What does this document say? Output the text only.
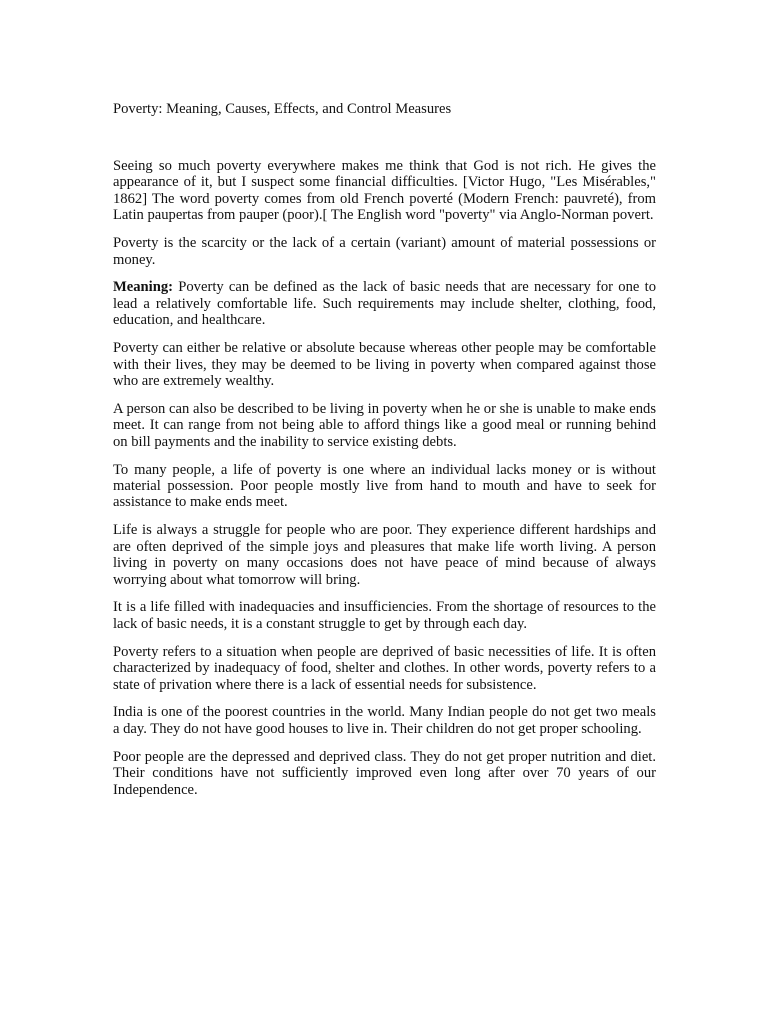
Poverty: Meaning, Causes, Effects, and Control Measures

Seeing so much poverty everywhere makes me think that God is not rich. He gives the appearance of it, but I suspect some financial difficulties. [Victor Hugo, "Les Misérables," 1862] The word poverty comes from old French poverté (Modern French: pauvreté), from Latin paupertas from pauper (poor).[ The English word "poverty" via Anglo-Norman povert.

Poverty is the scarcity or the lack of a certain (variant) amount of material possessions or money.

Meaning: Poverty can be defined as the lack of basic needs that are necessary for one to lead a relatively comfortable life. Such requirements may include shelter, clothing, food, education, and healthcare.

Poverty can either be relative or absolute because whereas other people may be comfortable with their lives, they may be deemed to be living in poverty when compared against those who are extremely wealthy.

A person can also be described to be living in poverty when he or she is unable to make ends meet. It can range from not being able to afford things like a good meal or running behind on bill payments and the inability to service existing debts.

To many people, a life of poverty is one where an individual lacks money or is without material possession. Poor people mostly live from hand to mouth and have to seek for assistance to make ends meet.

Life is always a struggle for people who are poor. They experience different hardships and are often deprived of the simple joys and pleasures that make life worth living. A person living in poverty on many occasions does not have peace of mind because of always worrying about what tomorrow will bring.

It is a life filled with inadequacies and insufficiencies. From the shortage of resources to the lack of basic needs, it is a constant struggle to get by through each day.

Poverty refers to a situation when people are deprived of basic necessities of life. It is often characterized by inadequacy of food, shelter and clothes. In other words, poverty refers to a state of privation where there is a lack of essential needs for subsistence.

India is one of the poorest countries in the world. Many Indian people do not get two meals a day. They do not have good houses to live in. Their children do not get proper schooling.

Poor people are the depressed and deprived class. They do not get proper nutrition and diet. Their conditions have not sufficiently improved even long after over 70 years of our Independence.
